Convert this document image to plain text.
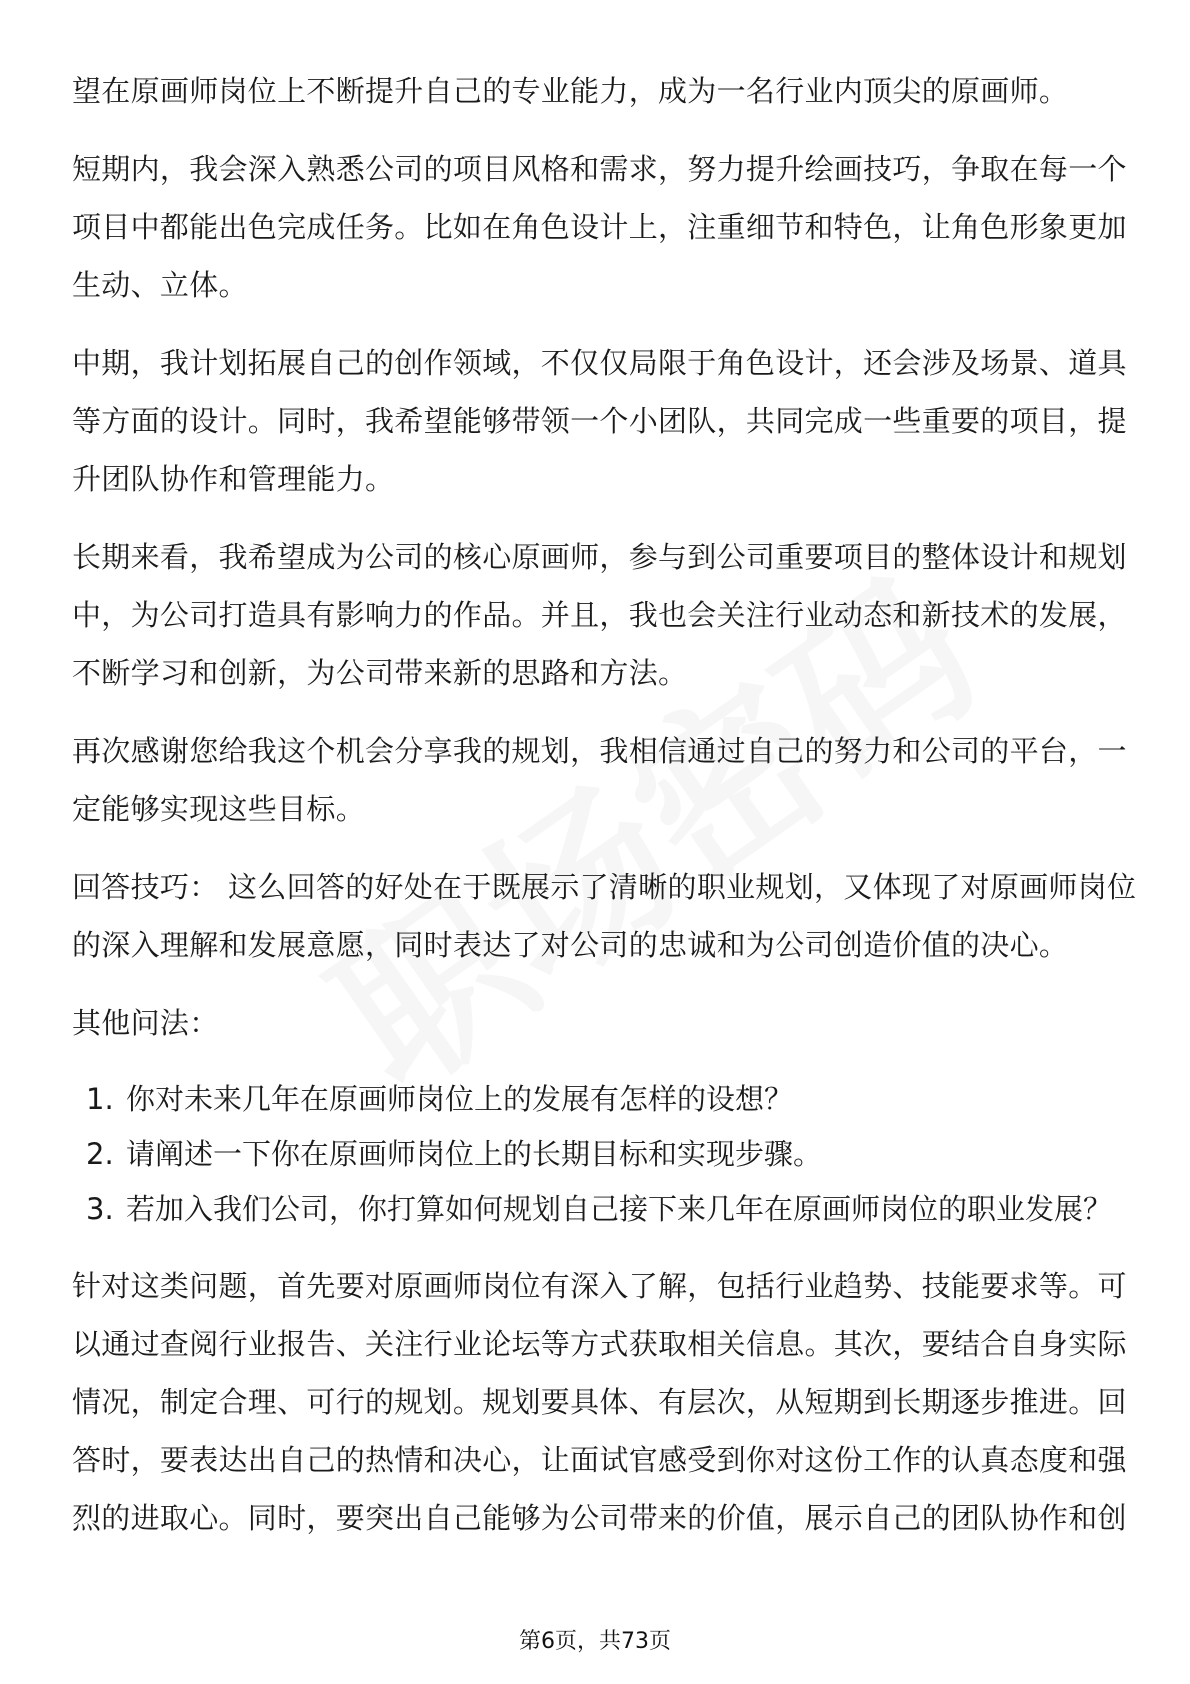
望在原画师岗位上不断提升自己的专业能力，成为一名行业内顶尖的原画师。
短期内，我会深入熟悉公司的项目风格和需求，努力提升绘画技巧，争取在每一个
项目中都能出色完成任务。比如在角色设计上，注重细节和特色，让角色形象更加
生动、立体。
中期，我计划拓展自己的创作领域，不仅仅局限于角色设计，还会涉及场景、道具
等方面的设计。同时，我希望能够带领一个小团队，共同完成一些重要的项目，提
升团队协作和管理能力。
长期来看，我希望成为公司的核心原画师，参与到公司重要项目的整体设计和规划
中，为公司打造具有影响力的作品。并且，我也会关注行业动态和新技术的发展，
不断学习和创新，为公司带来新的思路和方法。
再次感谢您给我这个机会分享我的规划，我相信通过自己的努力和公司的平台，一
定能够实现这些目标。
回答技巧： 这么回答的好处在于既展示了清晰的职业规划，又体现了对原画师岗位
的深入理解和发展意愿，同时表达了对公司的忠诚和为公司创造价值的决心。
其他问法：
1. 你对未来几年在原画师岗位上的发展有怎样的设想？
2. 请阐述一下你在原画师岗位上的长期目标和实现步骤。
3. 若加入我们公司，你打算如何规划自己接下来几年在原画师岗位的职业发展？
针对这类问题，首先要对原画师岗位有深入了解，包括行业趋势、技能要求等。可
以通过查阅行业报告、关注行业论坛等方式获取相关信息。其次，要结合自身实际
情况，制定合理、可行的规划。规划要具体、有层次，从短期到长期逐步推进。回
答时，要表达出自己的热情和决心，让面试官感受到你对这份工作的认真态度和强
烈的进取心。同时，要突出自己能够为公司带来的价值，展示自己的团队协作和创
第6页，共73页
